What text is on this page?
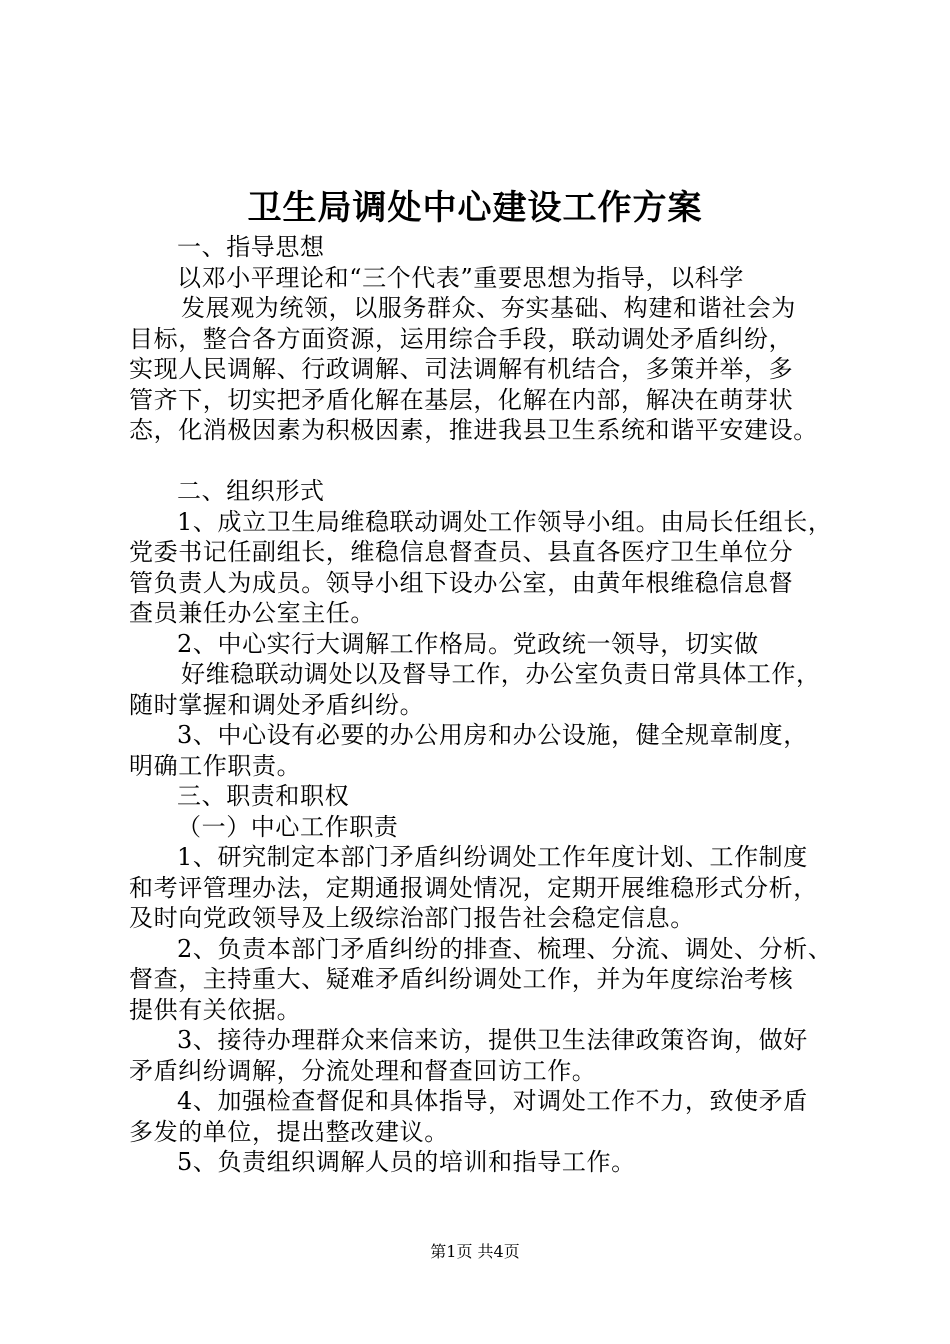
卫生局调处中心建设工作方案
一、指导思想
以邓小平理论和“三个代表”重要思想为指导，以科学
发展观为统领，以服务群众、夯实基础、构建和谐社会为
目标，整合各方面资源，运用综合手段，联动调处矛盾纠纷，
实现人民调解、行政调解、司法调解有机结合，多策并举，多
管齐下，切实把矛盾化解在基层，化解在内部，解决在萌芽状
态，化消极因素为积极因素，推进我县卫生系统和谐平安建设。
二、组织形式
1、成立卫生局维稳联动调处工作领导小组。由局长任组长，
党委书记任副组长，维稳信息督查员、县直各医疗卫生单位分
管负责人为成员。领导小组下设办公室，由黄年根维稳信息督
查员兼任办公室主任。
2、中心实行大调解工作格局。党政统一领导，切实做
好维稳联动调处以及督导工作，办公室负责日常具体工作，
随时掌握和调处矛盾纠纷。
3、中心设有必要的办公用房和办公设施，健全规章制度，
明确工作职责。
三、职责和职权
（一）中心工作职责
1、研究制定本部门矛盾纠纷调处工作年度计划、工作制度
和考评管理办法，定期通报调处情况，定期开展维稳形式分析，
及时向党政领导及上级综治部门报告社会稳定信息。
2、负责本部门矛盾纠纷的排查、梳理、分流、调处、分析、
督查，主持重大、疑难矛盾纠纷调处工作，并为年度综治考核
提供有关依据。
3、接待办理群众来信来访，提供卫生法律政策咨询，做好
矛盾纠纷调解，分流处理和督查回访工作。
4、加强检查督促和具体指导，对调处工作不力，致使矛盾
多发的单位，提出整改建议。
5、负责组织调解人员的培训和指导工作。
第1页 共4页
